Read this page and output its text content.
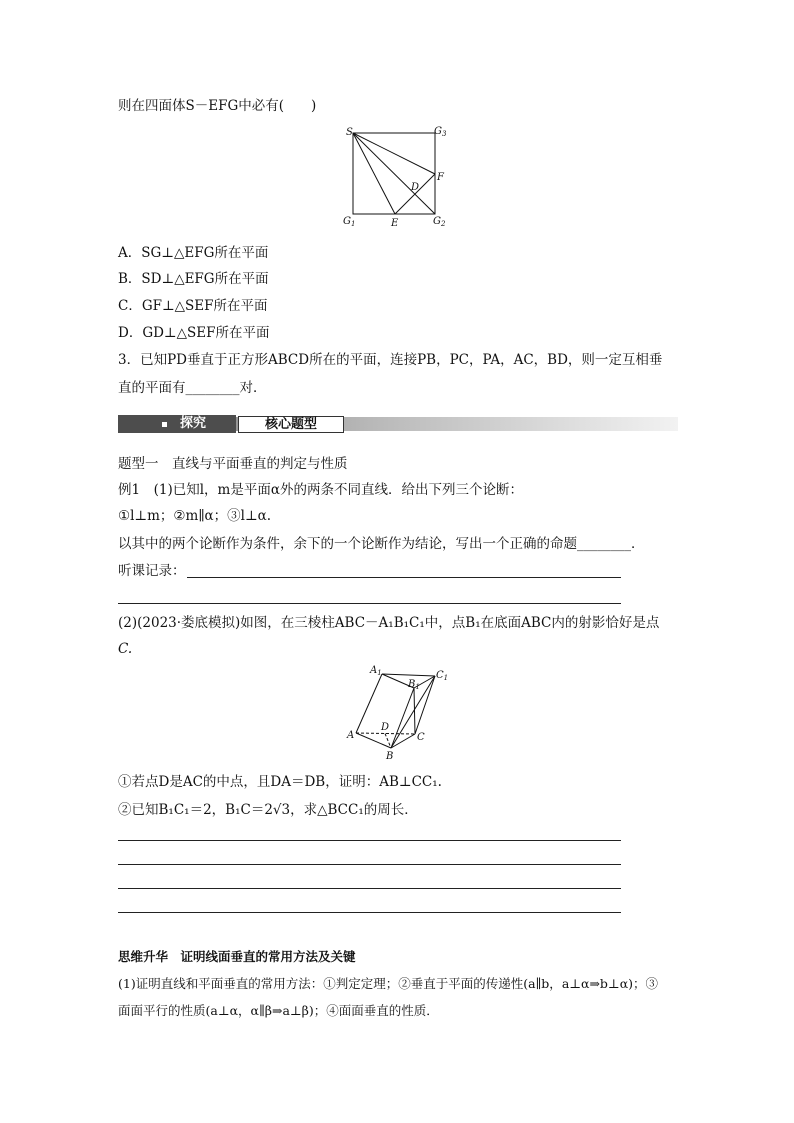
则在四面体S－EFG中必有(　　)
S	$G_3$
F
D
$G_1$	E	$G_2$
A．SG⊥△EFG所在平面
B．SD⊥△EFG所在平面
C．GF⊥△SEF所在平面
D．GD⊥△SEF所在平面
3．已知PD垂直于正方形ABCD所在的平面，连接PB，PC，PA，AC，BD，则一定互相垂
直的平面有________对．
探究	核心题型
题型一　直线与平面垂直的判定与性质
例1　(1)已知l，m是平面α外的两条不同直线．给出下列三个论断：
①l⊥m；②m∥α；③l⊥α.
以其中的两个论断作为条件，余下的一个论断作为结论，写出一个正确的命题________．
听课记录：
(2)(2023·娄底模拟)如图，在三棱柱ABC－A₁B₁C₁中，点B₁在底面ABC内的射影恰好是点
C.
$A_1$
$B_1$
$C_1$
D
A	C
B
①若点D是AC的中点，且DA＝DB，证明：AB⊥CC₁.
②已知B₁C₁＝2，B₁C＝2√3，求△BCC₁的周长．
思维升华　证明线面垂直的常用方法及关键
(1)证明直线和平面垂直的常用方法：①判定定理；②垂直于平面的传递性(a∥b，a⊥α⇒b⊥α)；③
面面平行的性质(a⊥α，α∥β⇒a⊥β)；④面面垂直的性质．
